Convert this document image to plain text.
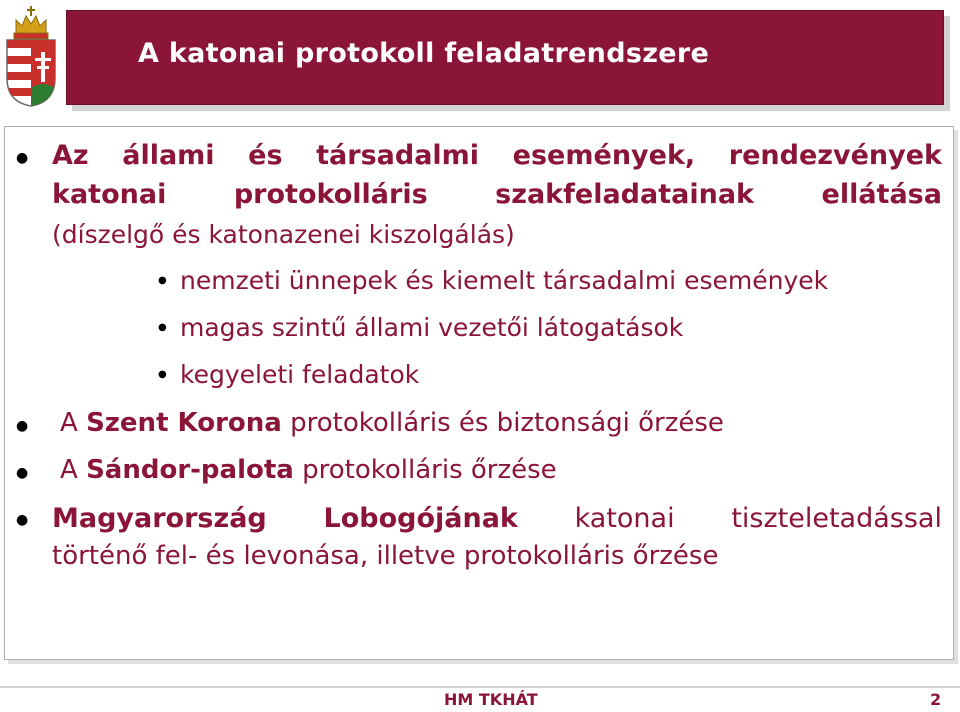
A katonai protokoll feladatrendszere
● Az állami és társadalmi események, rendezvények
katonai	protokolláris	szakfeladatainak	ellátása
(díszelgő és katonazenei kiszolgálás)
● nemzeti ünnepek és kiemelt társadalmi események
● magas szintű állami vezetői látogatások
● kegyeleti feladatok
● A Szent Korona protokolláris és biztonsági őrzése
● A Sándor-palota protokolláris őrzése
● Magyarország Lobogójának katonai tiszteletadással
történő fel- és levonása, illetve protokolláris őrzése
HM TKHÁT	2
